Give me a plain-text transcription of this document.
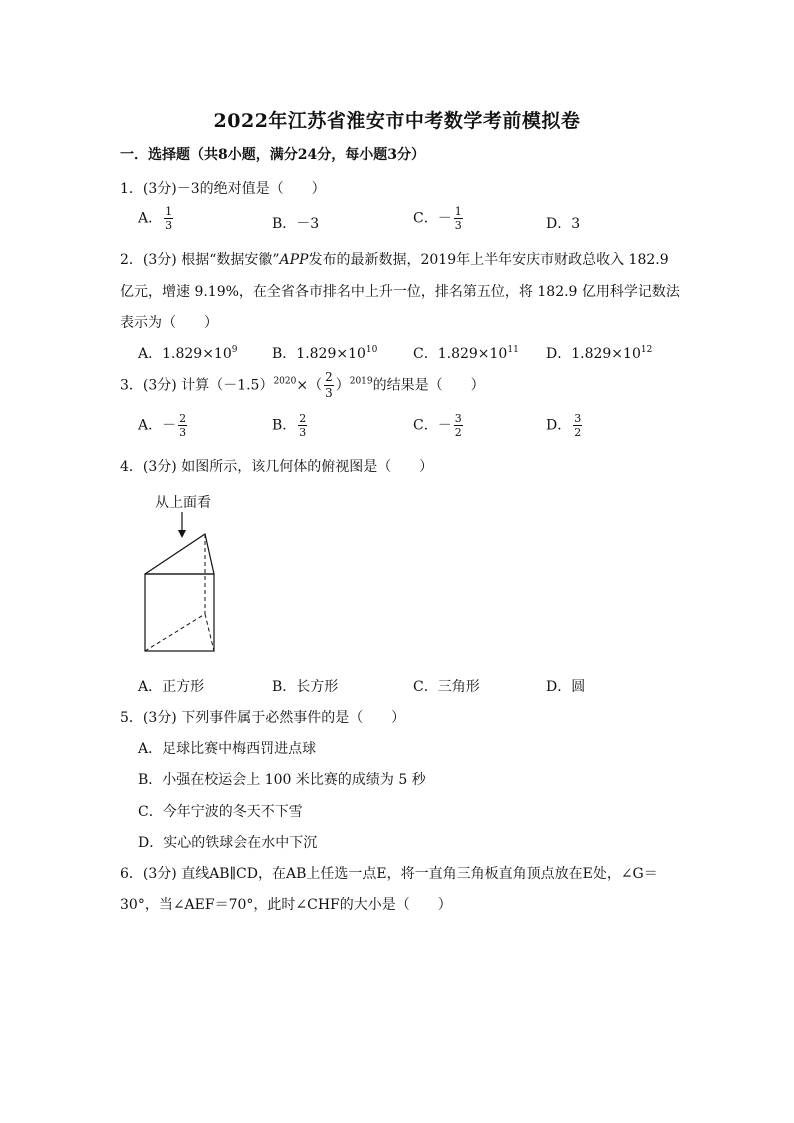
2022年江苏省淮安市中考数学考前模拟卷
一．选择题（共8小题，满分24分，每小题3分）
1．(3分)－3的绝对值是（　　）
A． $\frac{1}{3}$	B．－3	C．－ $\frac{1}{3}$	D．3
2．(3分) 根据“数据安徽”APP发布的最新数据，2019年上半年安庆市财政总收入 182.9
亿元，增速 9.19%，在全省各市排名中上升一位，排名第五位，将 182.9 亿用科学记数法
表示为（　　）
A．$1.829\times 10^9$ B．$1.829\times 10^{10}$	C．$1.829\times 10^{11}$ D．$1.829\times 10^{12}$
3．(3分) 计算$(-1.5)^{2020}\times( \frac{2}{3} )^{2019}$的结果是（　　）
A．－ $\frac{2}{3}$	B． $\frac{2}{3}$	C．－ $\frac{3}{2}$	D． $\frac{3}{2}$
4．(3分) 如图所示，该几何体的俯视图是（　　）
从上面看
A．正方形	B．长方形	C．三角形	D．圆
5．(3分) 下列事件属于必然事件的是（　　）
A．足球比赛中梅西罚进点球
B．小强在校运会上 100 米比赛的成绩为 5 秒
C．今年宁波的冬天不下雪
D．实心的铁球会在水中下沉
6．(3分) 直线AB∥CD，在AB上任选一点E，将一直角三角板直角顶点放在E处，∠G＝
30°，当∠AEF＝70°，此时∠CHF的大小是（　　）
